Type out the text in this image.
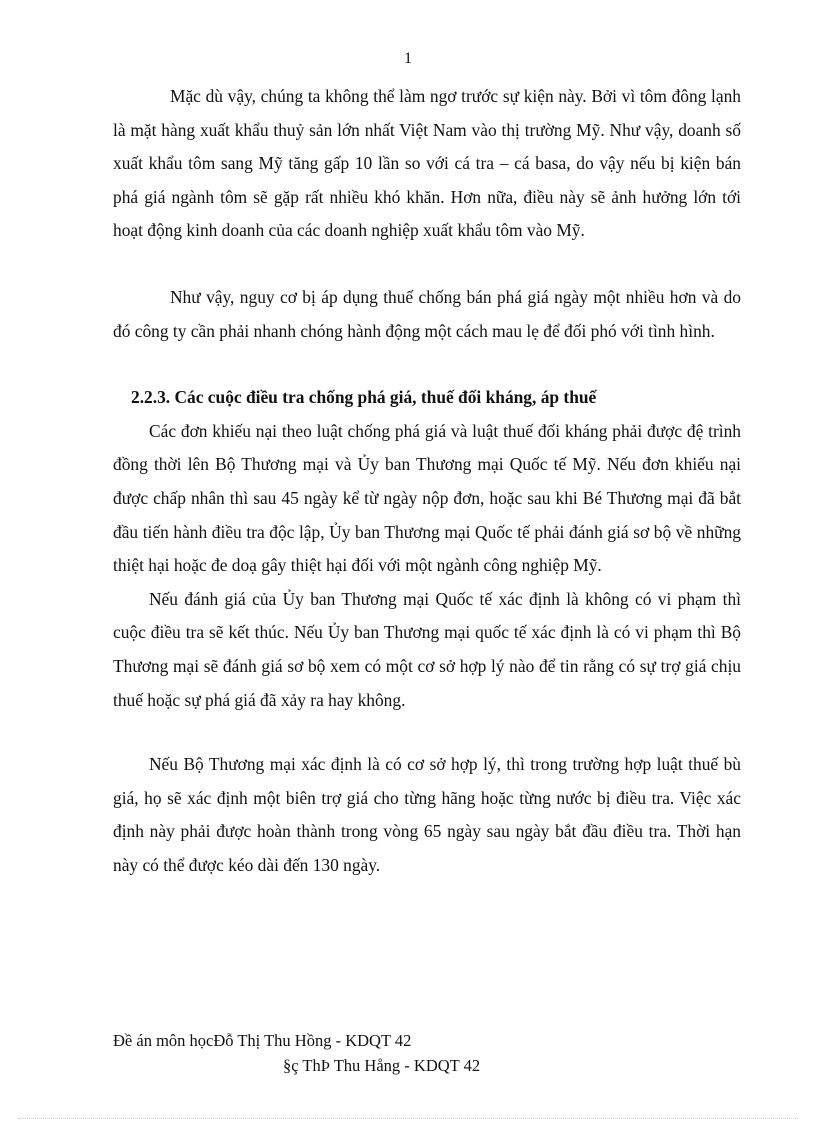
1

Mặc dù vậy, chúng ta không thể làm ngơ trước sự kiện này. Bởi vì tôm đông lạnh là mặt hàng xuất khẩu thuỷ sản lớn nhất Việt Nam vào thị trường Mỹ. Như vậy, doanh số xuất khẩu tôm sang Mỹ tăng gấp 10 lần so với cá tra – cá basa, do vậy nếu bị kiện bán phá giá ngành tôm sẽ gặp rất nhiều khó khăn. Hơn nữa, điều này sẽ ảnh hưởng lớn tới hoạt động kinh doanh của các doanh nghiệp xuất khẩu tôm vào Mỹ.

Như vậy, nguy cơ bị áp dụng thuế chống bán phá giá ngày một nhiều hơn và do đó công ty cần phải nhanh chóng hành động một cách mau lẹ để đối phó với tình hình.

2.2.3. Các cuộc điều tra chống phá giá, thuế đối kháng, áp thuế

Các đơn khiếu nại theo luật chống phá giá và luật thuế đối kháng phải được đệ trình đồng thời lên Bộ Thương mại và Ủy ban Thương mại Quốc tế Mỹ. Nếu đơn khiếu nại được chấp nhân thì sau 45 ngày kể từ ngày nộp đơn, hoặc sau khi Bé Thương mại đã bắt đầu tiến hành điều tra độc lập, Ủy ban Thương mại Quốc tế phải đánh giá sơ bộ về những thiệt hại hoặc đe doạ gây thiệt hại đối với một ngành công nghiệp Mỹ.

Nếu đánh giá của Ủy ban Thương mại Quốc tế xác định là không có vi phạm thì cuộc điều tra sẽ kết thúc. Nếu Ủy ban Thương mại quốc tế xác định là có vi phạm thì Bộ Thương mại sẽ đánh giá sơ bộ xem có một cơ sở hợp lý nào để tin rằng có sự trợ giá chịu thuế hoặc sự phá giá đã xảy ra hay không.

Nếu Bộ Thương mại xác định là có cơ sở hợp lý, thì trong trường hợp luật thuế bù giá, họ sẽ xác định một biên trợ giá cho từng hãng hoặc từng nước bị điều tra. Việc xác định này phải được hoàn thành trong vòng 65 ngày sau ngày bắt đầu điều tra. Thời hạn này có thể được kéo dài đến 130 ngày.

Đề án môn họcĐỗ Thị Thu Hồng - KDQT 42
§ç ThÞ Thu Hång - KDQT 42
